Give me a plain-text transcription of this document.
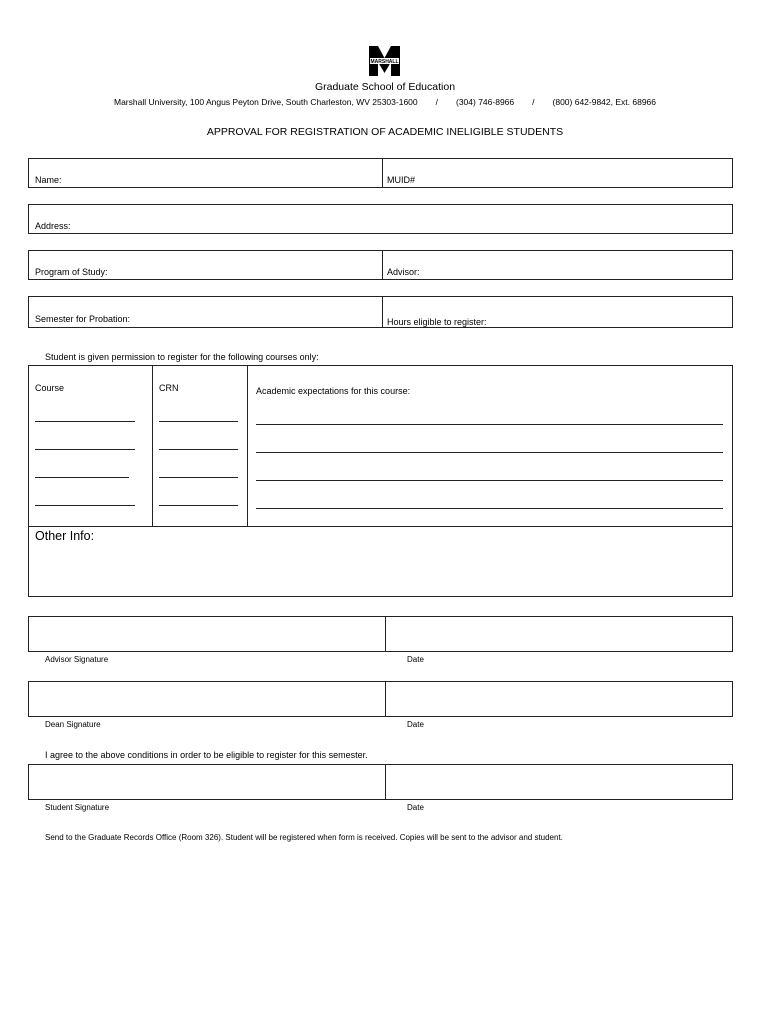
MARSHALL
Graduate School of Education
Marshall University, 100 Angus Peyton Drive, South Charleston, WV 25303-1600 / (304) 746-8966 / (800) 642-9842, Ext. 68966
APPROVAL FOR REGISTRATION OF ACADEMIC INELIGIBLE STUDENTS
Name:	MUID#
Address:
Program of Study:	Advisor:
Semester for Probation:	Hours eligible to register:
Student is given permission to register for the following courses only:
Course	CRN	Academic expectations for this course:
Other Info:
Advisor Signature	Date
Dean Signature	Date
I agree to the above conditions in order to be eligible to register for this semester.
Student Signature	Date
Send to the Graduate Records Office (Room 326). Student will be registered when form is received. Copies will be sent to the advisor and student.
